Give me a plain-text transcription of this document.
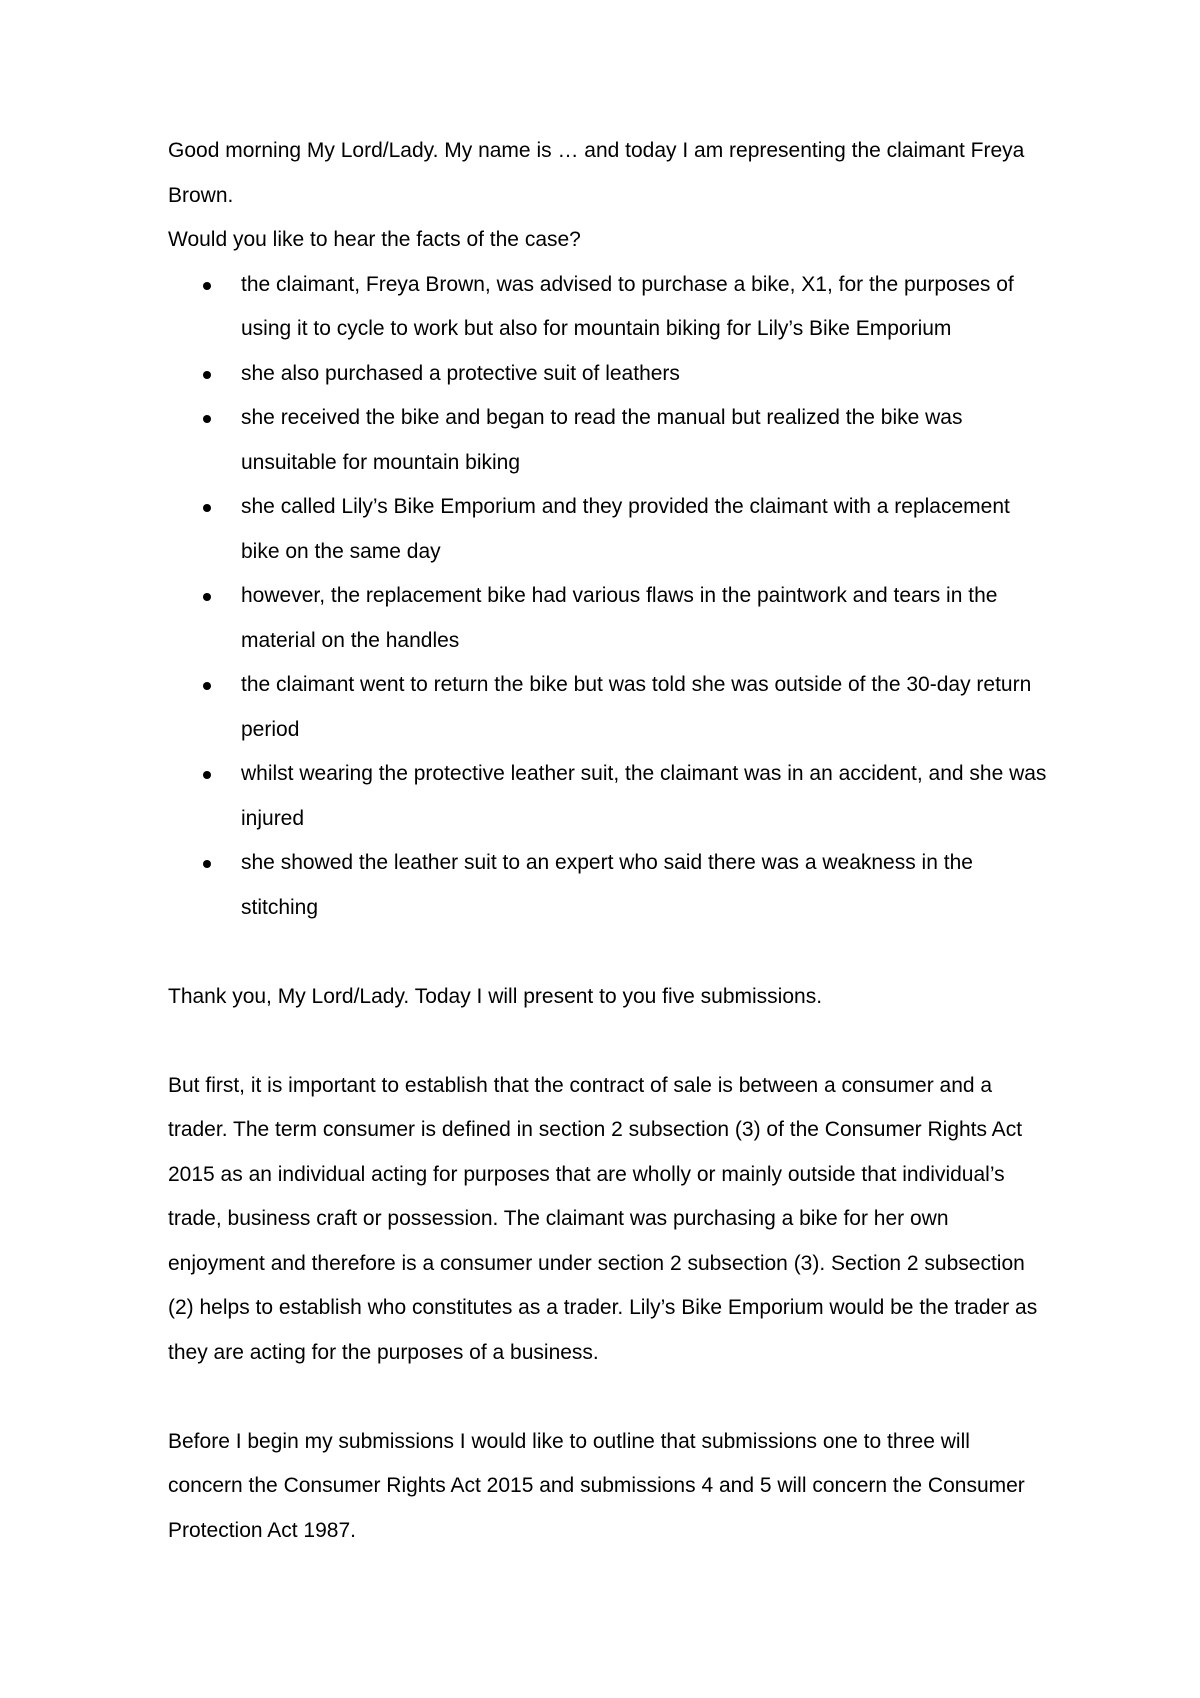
Good morning My Lord/Lady. My name is … and today I am representing the claimant Freya Brown.

Would you like to hear the facts of the case?

the claimant, Freya Brown, was advised to purchase a bike, X1, for the purposes of using it to cycle to work but also for mountain biking for Lily’s Bike Emporium
she also purchased a protective suit of leathers
she received the bike and began to read the manual but realized the bike was unsuitable for mountain biking
she called Lily’s Bike Emporium and they provided the claimant with a replacement bike on the same day
however, the replacement bike had various flaws in the paintwork and tears in the material on the handles
the claimant went to return the bike but was told she was outside of the 30-day return period
whilst wearing the protective leather suit, the claimant was in an accident, and she was injured
she showed the leather suit to an expert who said there was a weakness in the stitching

Thank you, My Lord/Lady. Today I will present to you five submissions.

But first, it is important to establish that the contract of sale is between a consumer and a trader. The term consumer is defined in section 2 subsection (3) of the Consumer Rights Act 2015 as an individual acting for purposes that are wholly or mainly outside that individual’s trade, business craft or possession. The claimant was purchasing a bike for her own enjoyment and therefore is a consumer under section 2 subsection (3). Section 2 subsection (2) helps to establish who constitutes as a trader. Lily’s Bike Emporium would be the trader as they are acting for the purposes of a business.

Before I begin my submissions I would like to outline that submissions one to three will concern the Consumer Rights Act 2015 and submissions 4 and 5 will concern the Consumer Protection Act 1987.
